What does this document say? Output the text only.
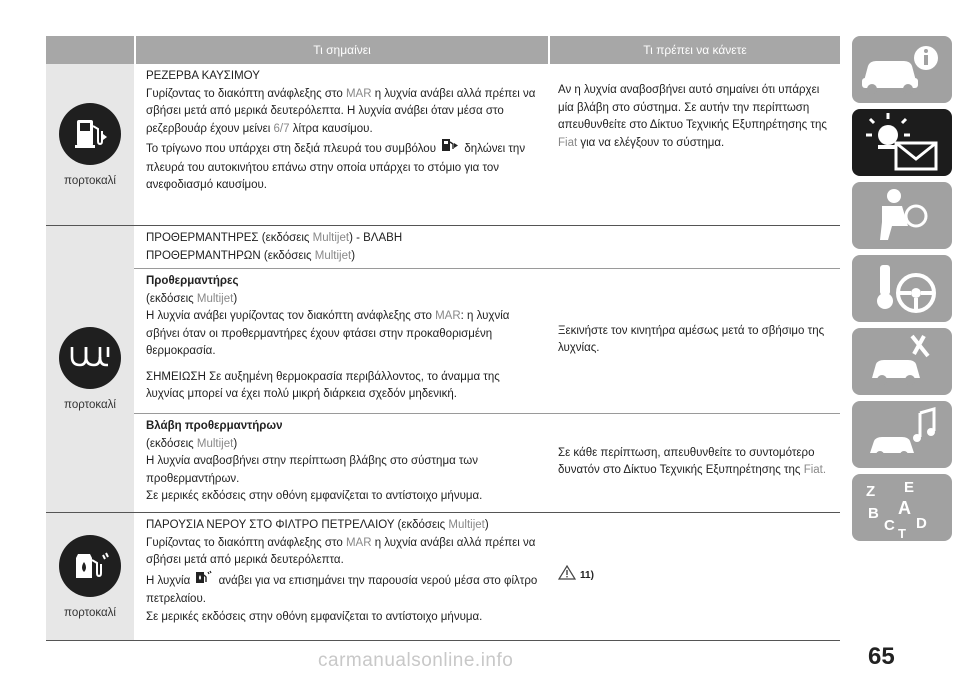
Τι σημαίνει	Τι πρέπει να κάνετε
πορτοκαλί

ΡΕΖΕΡΒΑ ΚΑΥΣΙΜΟΥ

Γυρίζοντας το διακόπτη ανάφλεξης στο MAR η λυχνία ανάβει αλλά πρέπει να σβήσει μετά από μερικά δευτερόλεπτα. Η λυχνία ανάβει όταν μέσα στο ρεζερβουάρ έχουν μείνει 6/7 λίτρα καυσίμου.

Το τρίγωνο που υπάρχει στη δεξιά πλευρά του συμβόλου  δηλώνει την πλευρά του αυτοκινήτου επάνω στην οποία υπάρχει το στόμιο για τον ανεφοδιασμό καυσίμου.

Αν η λυχνία αναβοσβήνει αυτό σημαίνει ότι υπάρχει μία βλάβη στο σύστημα. Σε αυτήν την περίπτωση απευθυνθείτε στο Δίκτυο Τεχνικής Εξυπηρέτησης της Fiat για να ελέγξουν το σύστημα.

πορτοκαλί

ΠΡΟΘΕΡΜΑΝΤΗΡΕΣ (εκδόσεις Multijet) - ΒΛΑΒΗ

ΠΡΟΘΕΡΜΑΝΤΗΡΩΝ (εκδόσεις Multijet)

Προθερμαντήρες

(εκδόσεις Multijet)

Η λυχνία ανάβει γυρίζοντας τον διακόπτη ανάφλεξης στο MAR: η λυχνία σβήνει όταν οι προθερμαντήρες έχουν φτάσει στην προκαθορισμένη θερμοκρασία.

ΣΗΜΕΙΩΣΗ Σε αυξημένη θερμοκρασία περιβάλλοντος, το άναμμα της λυχνίας μπορεί να έχει πολύ μικρή διάρκεια σχεδόν μηδενική.

Ξεκινήστε τον κινητήρα αμέσως μετά το σβήσιμο της λυχνίας.

Βλάβη προθερμαντήρων

(εκδόσεις Multijet)

Η λυχνία αναβοσβήνει στην περίπτωση βλάβης στο σύστημα των προθερμαντήρων.

Σε μερικές εκδόσεις στην οθόνη εμφανίζεται το αντίστοιχο μήνυμα.

Σε κάθε περίπτωση, απευθυνθείτε το συντομότερο δυνατόν στο Δίκτυο Τεχνικής Εξυπηρέτησης της Fiat.

πορτοκαλί

ΠΑΡΟΥΣΙΑ ΝΕΡΟΥ ΣΤΟ ΦΙΛΤΡΟ ΠΕΤΡΕΛΑΙΟΥ (εκδόσεις Multijet)

Γυρίζοντας το διακόπτη ανάφλεξης στο MAR η λυχνία ανάβει αλλά πρέπει να σβήσει μετά από μερικά δευτερόλεπτα.

Η λυχνία  ανάβει για να επισημάνει την παρουσία νερού μέσα στο φίλτρο πετρελαίου.

Σε μερικές εκδόσεις στην οθόνη εμφανίζεται το αντίστοιχο μήνυμα.

11)
Z E
B A
C D
T
65
carmanualsonline.info
